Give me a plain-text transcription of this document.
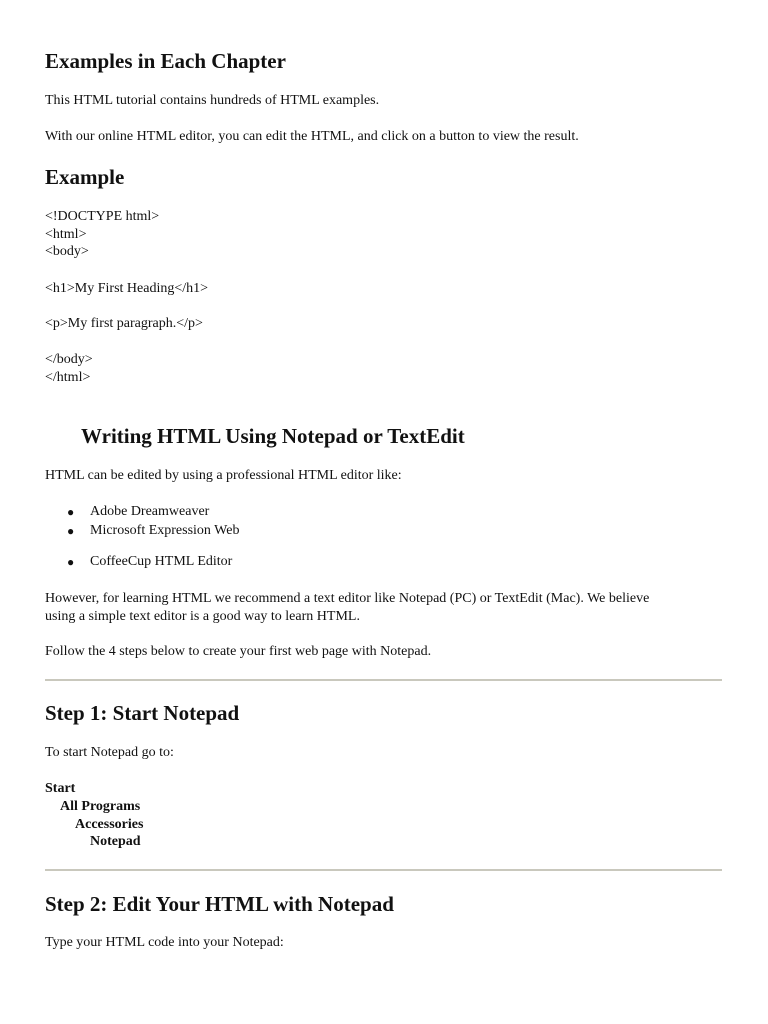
Examples in Each Chapter

This HTML tutorial contains hundreds of HTML examples.

With our online HTML editor, you can edit the HTML, and click on a button to view the result.

Example
<!DOCTYPE html>
<html>
<body>
<h1>My First Heading</h1>
<p>My first paragraph.</p>
</body>
</html>
Writing HTML Using Notepad or TextEdit

HTML can be edited by using a professional HTML editor like:

● Adobe Dreamweaver
● Microsoft Expression Web
● CoffeeCup HTML Editor

However, for learning HTML we recommend a text editor like Notepad (PC) or TextEdit (Mac). We believe

using a simple text editor is a good way to learn HTML.

Follow the 4 steps below to create your first web page with Notepad.

Step 1: Start Notepad

To start Notepad go to:

Start
All Programs
Accessories
Notepad
Step 2: Edit Your HTML with Notepad

Type your HTML code into your Notepad:
